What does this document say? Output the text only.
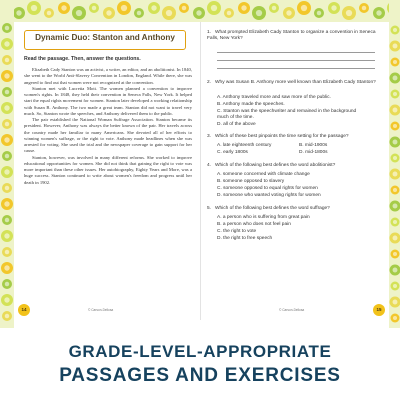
Dynamic Duo: Stanton and Anthony
Read the passage. Then, answer the questions.

Elizabeth Cady Stanton was an activist, a writer, an editor, and an abolitionist. In 1840, she went to the World Anti-Slavery Convention in London, England. While there, she was angered to find out that women were not recognized at the convention.

Stanton met with Lucretia Mott. The women planned a convention to improve women's rights. In 1848, they held their convention in Seneca Falls, New York. It helped start the equal rights movement for women. Stanton later developed a working relationship with Susan B. Anthony. The two made a great team. Stanton did not want to travel very much. So, Stanton wrote the speeches, and Anthony delivered them to the public.

The pair established the National Woman Suffrage Association. Stanton became its president. However, Anthony was always the better known of the pair. Her travels across the country made her familiar to many Americans. She devoted all of her efforts to winning women's suffrage, or the right to vote. Anthony made headlines when she was arrested for voting. She used the trial and the newspaper coverage to gain support for her cause.

Stanton, however, was involved in many different reforms. She worked to improve educational opportunities for women. She did not think that gaining the right to vote was more important than these other issues. Her autobiography, Eighty Years and More, was a huge success. Stanton continued to write about women's freedom and progress until her death in 1902.

14	© Carson-Dellosa
1. What prompted Elizabeth Cady Stanton to organize a convention in Seneca Falls, New York?
2. Why was Susan B. Anthony more well known than Elizabeth Cady Stanton?
A. Anthony traveled more and saw more of the public.
B. Anthony made the speeches.
C. Stanton was the speechwriter and remained in the background much of the time.
D. all of the above
3. Which of these best pinpoints the time setting for the passage?
A. late eighteenth century	B. mid-1900s
C. early 1800s	D. mid-1800s
4. Which of the following best defines the word abolitionist?
A. someone concerned with climate change
B. someone opposed to slavery
C. someone opposed to equal rights for women
D. someone who wanted voting rights for women
5. Which of the following best defines the word suffrage?
A. a person who is suffering from great pain
B. a person who does not feel pain
C. the right to vote
D. the right to free speech
© Carson-Dellosa	15
GRADE-LEVEL-APPROPRIATE
PASSAGES AND EXERCISES
